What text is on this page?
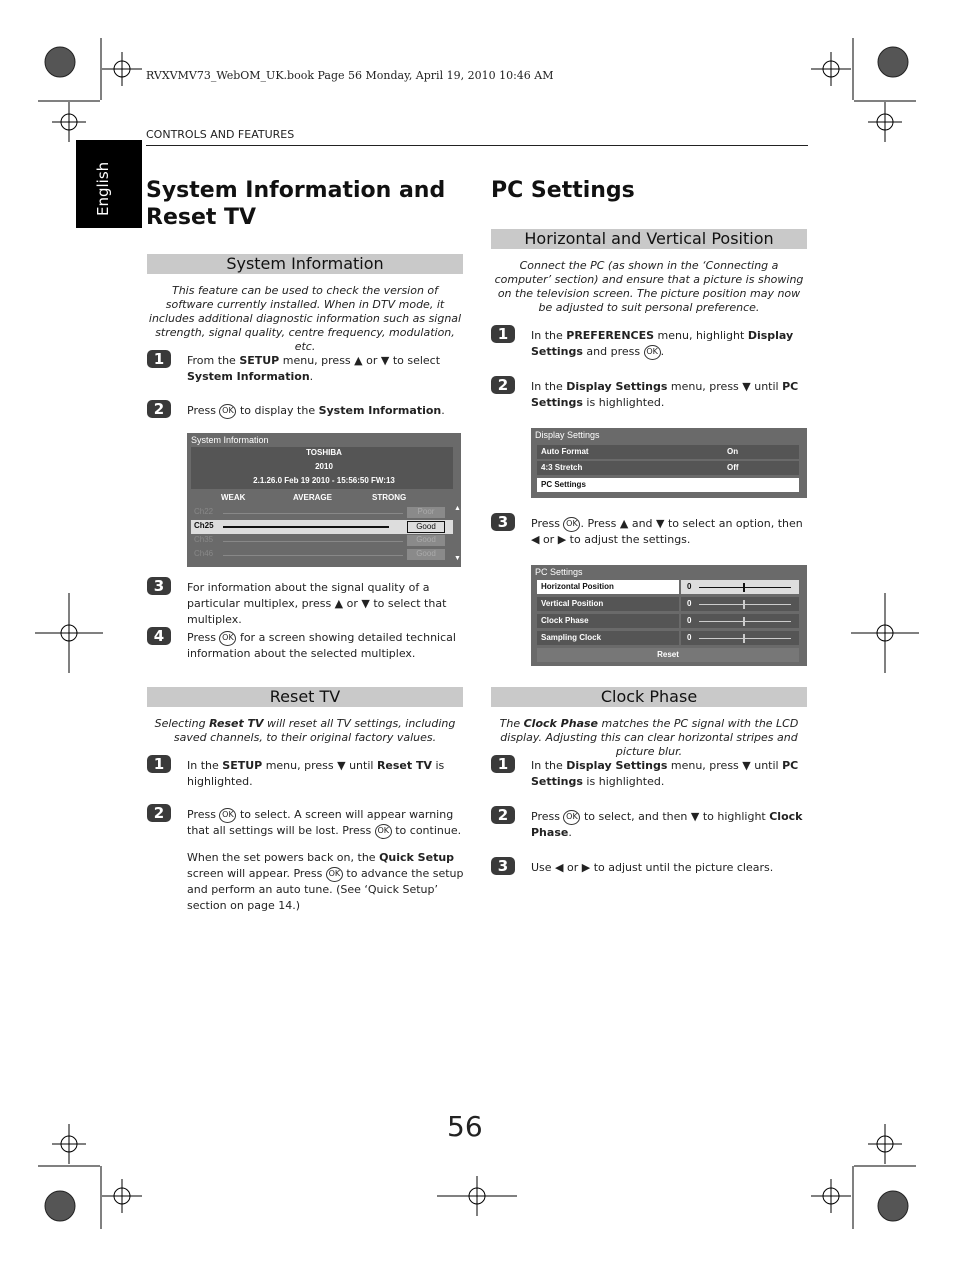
RVXVMV73_WebOM_UK.book Page 56 Monday, April 19, 2010 10:46 AM
CONTROLS AND FEATURES
English System Information and
Reset TV
System Information
This feature can be used to check the version of software currently installed. When in DTV mode, it includes additional diagnostic information such as signal strength, signal quality, centre frequency, modulation, etc.
1	From the SETUP menu, press ▲ or ▼ to select System Information.
2	Press OK to display the System Information.
System Information
TOSHIBA
2010
2.1.26.0 Feb 19 2010 - 15:56:50 FW:13
WEAK	AVERAGE	STRONG
Ch22	Poor
Ch25	Good
Ch35	Good
Ch46	Good
▲
▼
3	For information about the signal quality of a particular multiplex, press ▲ or ▼ to select that multiplex.
4	Press OK for a screen showing detailed technical information about the selected multiplex.
Reset TV
Selecting Reset TV will reset all TV settings, including saved channels, to their original factory values.
1	In the SETUP menu, press ▼ until Reset TV is highlighted.
2	Press OK to select. A screen will appear warning that all settings will be lost. Press OK to continue.
When the set powers back on, the Quick Setup screen will appear. Press OK to advance the setup and perform an auto tune. (See ‘Quick Setup’ section on page 14.)
PC Settings
Horizontal and Vertical Position
Connect the PC (as shown in the ‘Connecting a computer’ section) and ensure that a picture is showing on the television screen. The picture position may now be adjusted to suit personal preference.
1	In the PREFERENCES menu, highlight Display Settings and press OK .
2	In the Display Settings menu, press ▼ until PC Settings is highlighted.
Display Settings
Auto Format	On
4:3 Stretch	Off
PC Settings
3	Press OK . Press ▲ and ▼ to select an option, then ◀ or ▶ to adjust the settings.
PC Settings
Horizontal Position	0
Vertical Position	0
Clock Phase	0
Sampling Clock	0
Reset
Clock Phase
The Clock Phase matches the PC signal with the LCD display. Adjusting this can clear horizontal stripes and picture blur.
1	In the Display Settings menu, press ▼ until PC Settings is highlighted.
2	Press OK to select, and then ▼ to highlight Clock Phase.
3	Use ◀ or ▶ to adjust until the picture clears.
56
